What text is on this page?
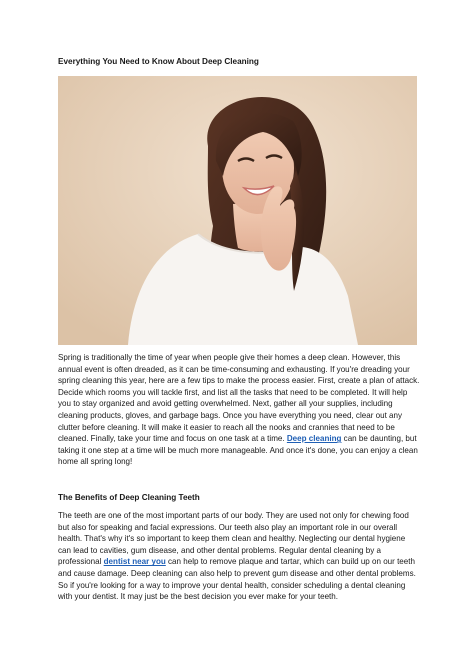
Everything You Need to Know About Deep Cleaning

Spring is traditionally the time of year when people give their homes a deep clean. However, this annual event is often dreaded, as it can be time-consuming and exhausting. If you're dreading your spring cleaning this year, here are a few tips to make the process easier. First, create a plan of attack. Decide which rooms you will tackle first, and list all the tasks that need to be completed. It will help you to stay organized and avoid getting overwhelmed. Next, gather all your supplies, including cleaning products, gloves, and garbage bags. Once you have everything you need, clear out any clutter before cleaning. It will make it easier to reach all the nooks and crannies that need to be cleaned. Finally, take your time and focus on one task at a time. Deep cleaning can be daunting, but taking it one step at a time will be much more manageable. And once it's done, you can enjoy a clean home all spring long!

The Benefits of Deep Cleaning Teeth

The teeth are one of the most important parts of our body. They are used not only for chewing food but also for speaking and facial expressions. Our teeth also play an important role in our overall health. That's why it's so important to keep them clean and healthy. Neglecting our dental hygiene can lead to cavities, gum disease, and other dental problems. Regular dental cleaning by a professional dentist near you can help to remove plaque and tartar, which can build up on our teeth and cause damage. Deep cleaning can also help to prevent gum disease and other dental problems. So if you're looking for a way to improve your dental health, consider scheduling a dental cleaning with your dentist. It may just be the best decision you ever make for your teeth.
